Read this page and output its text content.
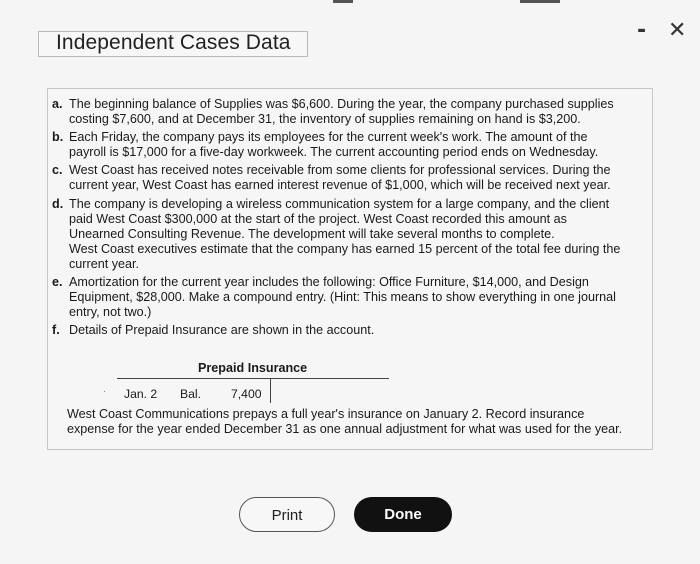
Independent Cases Data	- ✕
a. The beginning balance of Supplies was $6,600. During the year, the company purchased supplies
costing $7,600, and at December 31, the inventory of supplies remaining on hand is $3,200.
b. Each Friday, the company pays its employees for the current week's work. The amount of the
payroll is $17,000 for a five-day workweek. The current accounting period ends on Wednesday.
c. West Coast has received notes receivable from some clients for professional services. During the
current year, West Coast has earned interest revenue of $1,000, which will be received next year.
d. The company is developing a wireless communication system for a large company, and the client
paid West Coast $300,000 at the start of the project. West Coast recorded this amount as
Unearned Consulting Revenue. The development will take several months to complete.
West Coast executives estimate that the company has earned 15 percent of the total fee during the
current year.
e. Amortization for the current year includes the following: Office Furniture, $14,000, and Design
Equipment, $28,000. Make a compound entry. (Hint: This means to show everything in one journal
entry, not two.)
f. Details of Prepaid Insurance are shown in the account.
Prepaid Insurance
. Jan. 2 Bal. 7,400
West Coast Communications prepays a full year's insurance on January 2. Record insurance
expense for the year ended December 31 as one annual adjustment for what was used for the year.
Print	Done
